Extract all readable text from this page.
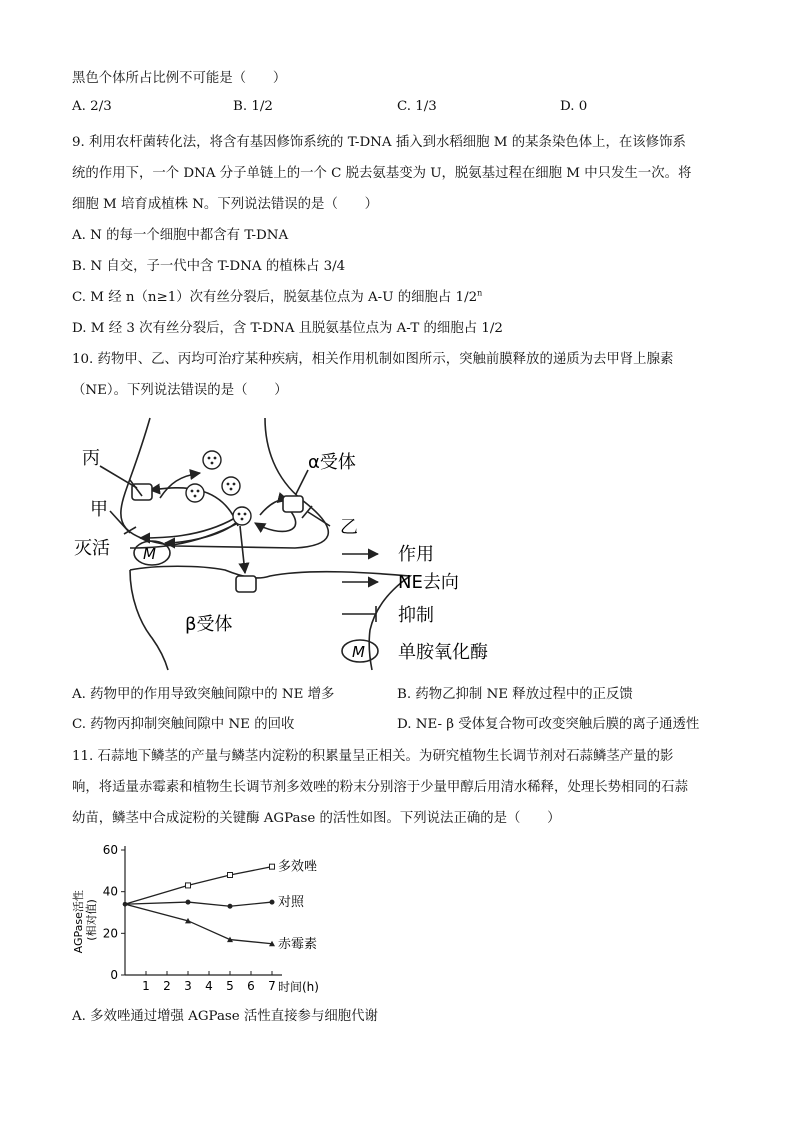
黑色个体所占比例不可能是（　　）
A. 2/3	B. 1/2	C. 1/3	D. 0
9. 利用农杆菌转化法，将含有基因修饰系统的 T-DNA 插入到水稻细胞 M 的某条染色体上，在该修饰系
统的作用下，一个 DNA 分子单链上的一个 C 脱去氨基变为 U，脱氨基过程在细胞 M 中只发生一次。将
细胞 M 培育成植株 N。下列说法错误的是（　　）
A. N 的每一个细胞中都含有 T-DNA
B. N 自交，子一代中含 T-DNA 的植株占 3/4
C. M 经 n（n≥1）次有丝分裂后，脱氨基位点为 A-U 的细胞占 1/2$^n$
D. M 经 3 次有丝分裂后，含 T-DNA 且脱氨基位点为 A-T 的细胞占 1/2
10. 药物甲、乙、丙均可治疗某种疾病，相关作用机制如图所示，突触前膜释放的递质为去甲肾上腺素
（NE）。下列说法错误的是（　　）
丙
甲
灭活 M
α受体
乙
β受体
M
作用
NE去向
抑制
单胺氧化酶
A. 药物甲的作用导致突触间隙中的 NE 增多	B. 药物乙抑制 NE 释放过程中的正反馈
C. 药物丙抑制突触间隙中 NE 的回收	D. NE- β 受体复合物可改变突触后膜的离子通透性
11. 石蒜地下鳞茎的产量与鳞茎内淀粉的积累量呈正相关。为研究植物生长调节剂对石蒜鳞茎产量的影
响，将适量赤霉素和植物生长调节剂多效唑的粉末分别溶于少量甲醇后用清水稀释，处理长势相同的石蒜
幼苗，鳞茎中合成淀粉的关键酶 AGPase 的活性如图。下列说法正确的是（　　）
AGPase活性 (相对值)
0
20
40
60
1 2 3 4 5 6 7
多效唑
对照
赤霉素
时间(h)
A. 多效唑通过增强 AGPase 活性直接参与细胞代谢
